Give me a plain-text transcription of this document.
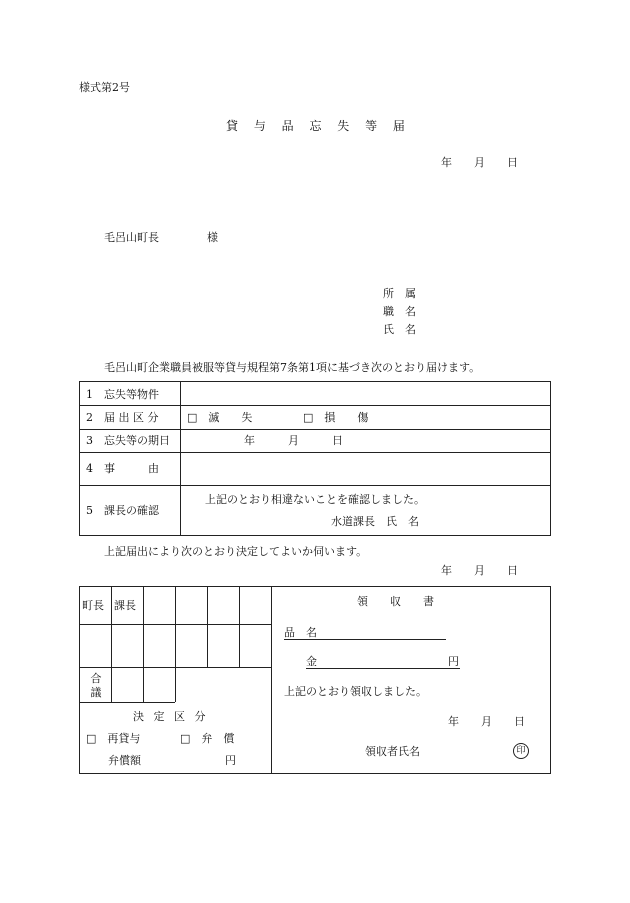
様式第2号
貸 与 品 忘 失 等 届
年　　月　　日
毛呂山町長	様
所　属
職　名
氏　名
毛呂山町企業職員被服等貸与規程第7条第1項に基づき次のとおり届けます。
1　忘失等物件
2　届 出 区 分	□　滅　　失	□　損　　傷
3　忘失等の期日	年　　　月　　　日
4　事　　　由
5　課長の確認
上記のとおり相違ないことを確認しました。
水道課長　氏　名
上記届出により次のとおり決定してよいか伺います。
年　　月　　日
町長 課長
合
議
決 定 区 分
□　再貸与	□　弁　償
弁償額	円
領　　収　　書
品　名
金	円
上記のとおり領収しました。
年　　月　　日
領収者氏名	印
